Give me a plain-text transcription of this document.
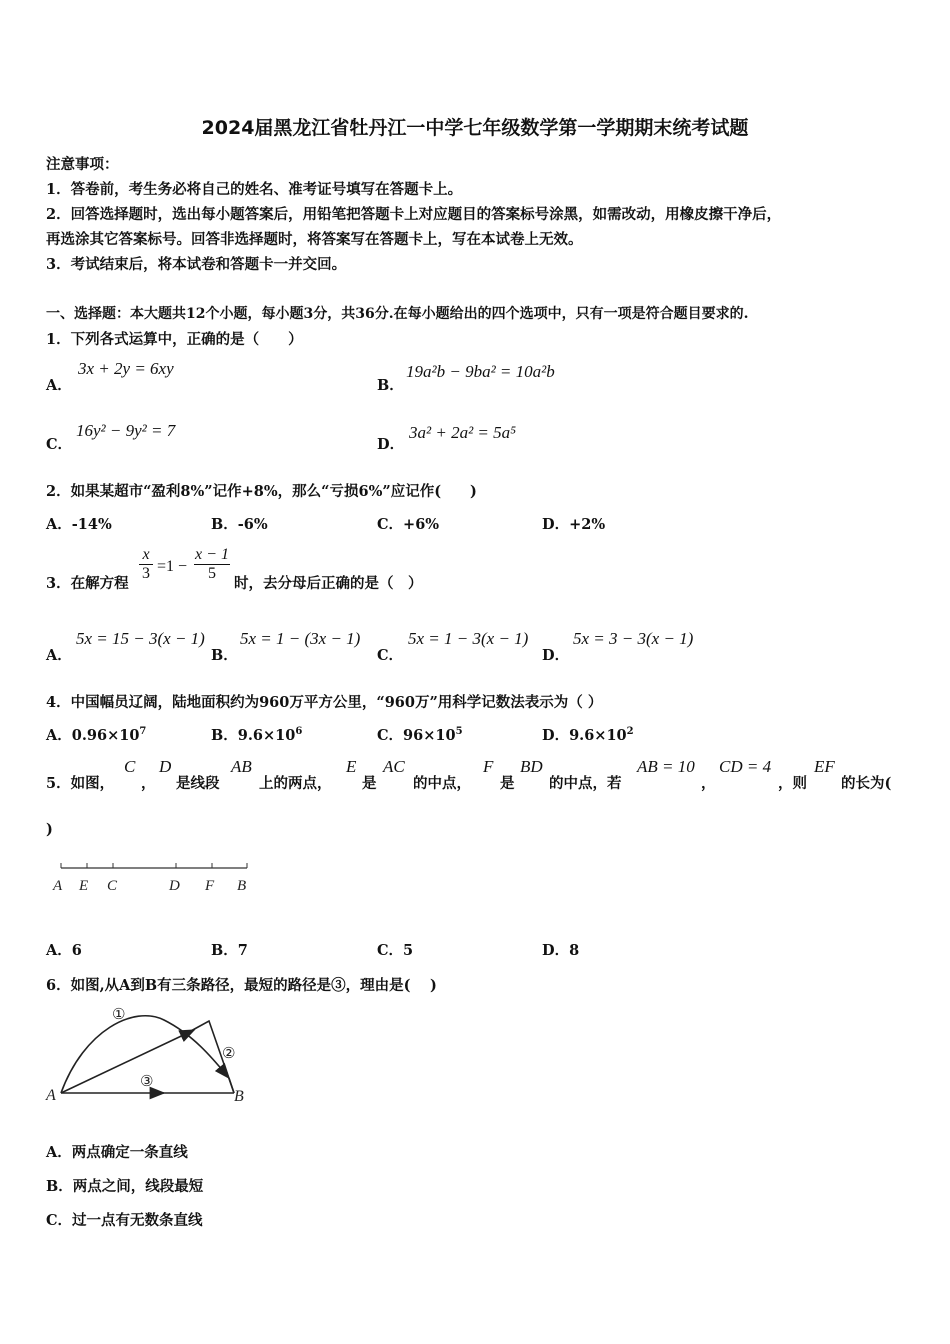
2024届黑龙江省牡丹江一中学七年级数学第一学期期末统考试题
注意事项：
1．答卷前，考生务必将自己的姓名、准考证号填写在答题卡上。
2．回答选择题时，选出每小题答案后，用铅笔把答题卡上对应题目的答案标号涂黑，如需改动，用橡皮擦干净后，
再选涂其它答案标号。回答非选择题时，将答案写在答题卡上，写在本试卷上无效。
3．考试结束后，将本试卷和答题卡一并交回。
一、选择题：本大题共12个小题，每小题3分，共36分.在每小题给出的四个选项中，只有一项是符合题目要求的.
1．下列各式运算中，正确的是（　　）
A．
3x + 2y = 6xy
B．
19a²b − 9ba² = 10a²b
C．
16y² − 9y² = 7
D．
3a² + 2a² = 5a⁵
2．如果某超市“盈利8%”记作+8%，那么“亏损6%”应记作(　　)
A．-14%	B．-6%	C．+6%	D．+2%
3．在解方程
$\frac{x}{3} =1 - \frac{x - 1}{5}$
时，去分母后正确的是（　）
A．
5x = 15 − 3(x − 1)
B．
5x = 1 − (3x − 1)
C．
5x = 1 − 3(x − 1)
D．
5x = 3 − 3(x − 1)
4．中国幅员辽阔，陆地面积约为960万平方公里，“960万”用科学记数法表示为（ ）
A．$0.96\times 10^7$	B．$9.6\times 10^6$	C．$96\times 10^5$	D．$9.6\times 10^2$
5．如图，
C
，
D
是线段
AB
上的两点，
E
是
AC
的中点，
F
是
BD
的中点，若
AB = 10
，
CD = 4
，则
EF
的长为(
)
A E C	D F B
A．6	B．7	C．5	D．8
6．如图,从A到B有三条路径，最短的路径是③，理由是(　 )
①
②
③
A	B
A．两点确定一条直线
B．两点之间，线段最短
C．过一点有无数条直线
